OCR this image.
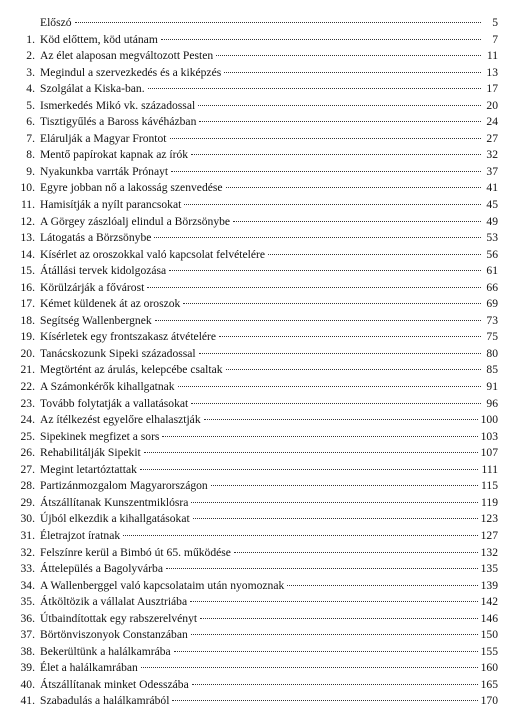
Előszó	5
1. Köd előttem, köd utánam	7
2. Az élet alaposan megváltozott Pesten	11
3. Megindul a szervezkedés és a kiképzés	13
4. Szolgálat a Kiska-ban.	17
5. Ismerkedés Mikó vk. századossal	20
6. Tisztigyűlés a Baross kávéházban	24
7. Elárulják a Magyar Frontot	27
8. Mentő papírokat kapnak az írók	32
9. Nyakunkba varrták Prónayt	37
10. Egyre jobban nő a lakosság szenvedése	41
11. Hamisítják a nyílt parancsokat	45
12. A Görgey zászlóalj elindul a Börzsönybe	49
13. Látogatás a Börzsönybe	53
14. Kísérlet az oroszokkal való kapcsolat felvételére	56
15. Átállási tervek kidolgozása	61
16. Körülzárják a fővárost	66
17. Kémet küldenek át az oroszok	69
18. Segítség Wallenbergnek	73
19. Kísérletek egy frontszakasz átvételére	75
20. Tanácskozunk Sipeki századossal	80
21. Megtörtént az árulás, kelepcébe csaltak	85
22. A Számonkérők kihallgatnak	91
23. Tovább folytatják a vallatásokat	96
24. Az ítélkezést egyelőre elhalasztják	100
25. Sipekinek megfizet a sors	103
26. Rehabilitálják Sipekit	107
27. Megint letartóztattak	111
28. Partizánmozgalom Magyarországon	115
29. Átszállítanak Kunszentmiklósra	119
30. Újból elkezdik a kihallgatásokat	123
31. Életrajzot íratnak	127
32. Felszínre kerül a Bimbó út 65. működése	132
33. Áttelepülés a Bagolyvárba	135
34. A Wallenberggel való kapcsolataim után nyomoznak	139
35. Átköltözik a vállalat Ausztriába	142
36. Útbaindítottak egy rabszerelvényt	146
37. Börtönviszonyok Constanzában	150
38. Bekerültünk a halálkamrába	155
39. Élet a halálkamrában	160
40. Átszállítanak minket Odesszába	165
41. Szabadulás a halálkamrából	170
